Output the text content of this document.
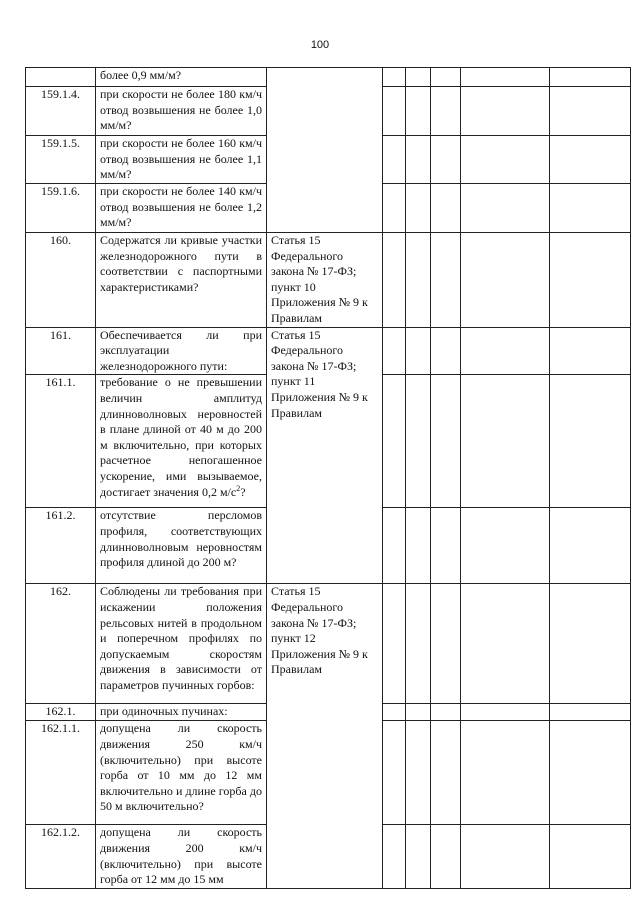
100
	более 0,9 мм/м?						
159.1.4.	при скорости не более 180 км/ч отвод возвышения не более 1,0 мм/м?						
159.1.5.	при скорости не более 160 км/ч отвод возвышения не более 1,1 мм/м?						
159.1.6.	при скорости не более 140 км/ч отвод возвышения не более 1,2 мм/м?						
160.	Содержатся ли кривые участки железнодорожного пути в соответствии с паспортными характеристиками?	Статья 15 Федерального закона № 17-ФЗ; пункт 10 Приложения № 9 к Правилам					
161.	Обеспечивается ли при эксплуатации железнодорожного пути:	Статья 15 Федерального закона № 17-ФЗ; пункт 11 Приложения № 9 к Правилам					
161.1.	требование о не превышении величин амплитуд длинноволновых неровностей в плане длиной от 40 м до 200 м включительно, при которых расчетное непогашенное ускорение, ими вызываемое, достигает значения 0,2 $м/с^2$?						
161.2.	отсутствие персломов профиля, соответствующих длинноволновым неровностям профиля длиной до 200 м?						
162.	Соблюдены ли требования при искажении положения рельсовых нитей в продольном и поперечном профилях по допускаемым скоростям движения в зависимости от параметров пучинных горбов:	Статья 15 Федерального закона № 17-ФЗ; пункт 12 Приложения № 9 к Правилам					
162.1.	при одиночных пучинах:						
162.1.1.	допущена ли скорость движения 250 км/ч (включительно) при высоте горба от 10 мм до 12 мм включительно и длине горба до 50 м включительно?						
162.1.2.	допущена ли скорость движения 200 км/ч (включительно) при высоте горба от 12 мм до 15 мм						
